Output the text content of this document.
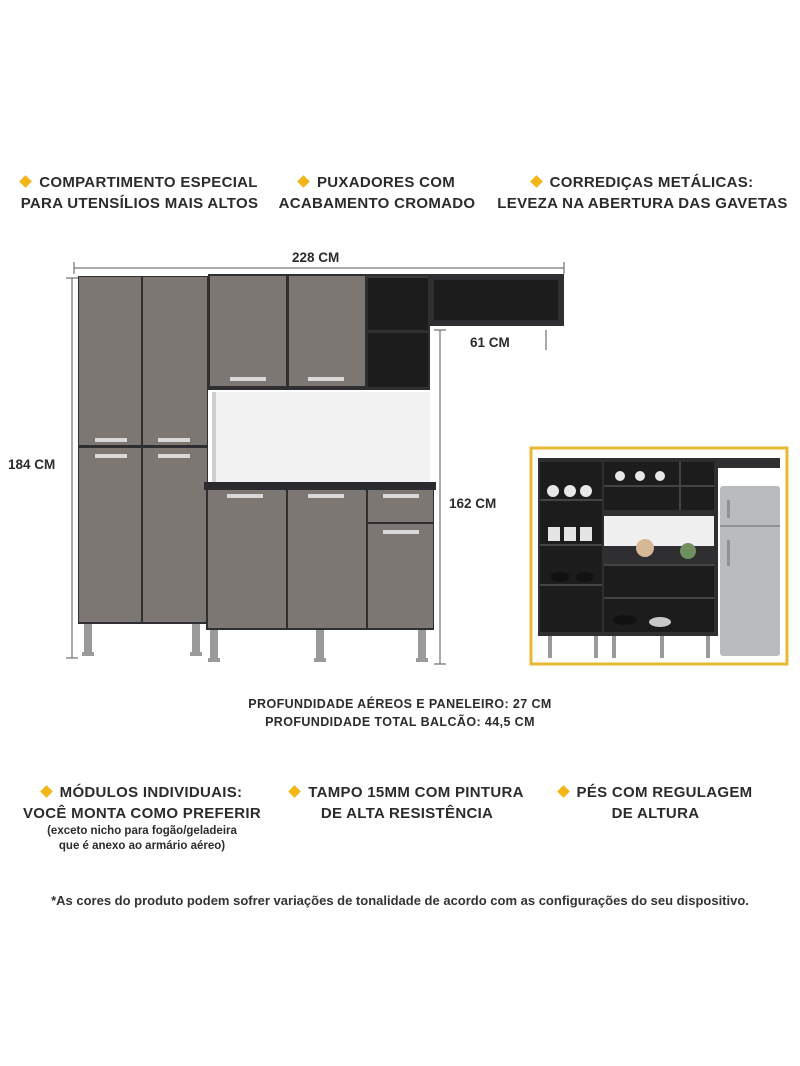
COMPARTIMENTO ESPECIAL
PARA UTENSÍLIOS MAIS ALTOS
PUXADORES COM
ACABAMENTO CROMADO
CORREDIÇAS METÁLICAS:
LEVEZA NA ABERTURA DAS GAVETAS
228 CM
61 CM
184 CM
162 CM
PROFUNDIDADE AÉREOS E PANELEIRO: 27 CM
PROFUNDIDADE TOTAL BALCÃO: 44,5 CM
MÓDULOS INDIVIDUAIS:
VOCÊ MONTA COMO PREFERIR
(exceto nicho para fogão/geladeira
que é anexo ao armário aéreo)
TAMPO 15MM COM PINTURA
DE ALTA RESISTÊNCIA
PÉS COM REGULAGEM
DE ALTURA
*As cores do produto podem sofrer variações de tonalidade de acordo com as configurações do seu dispositivo.
